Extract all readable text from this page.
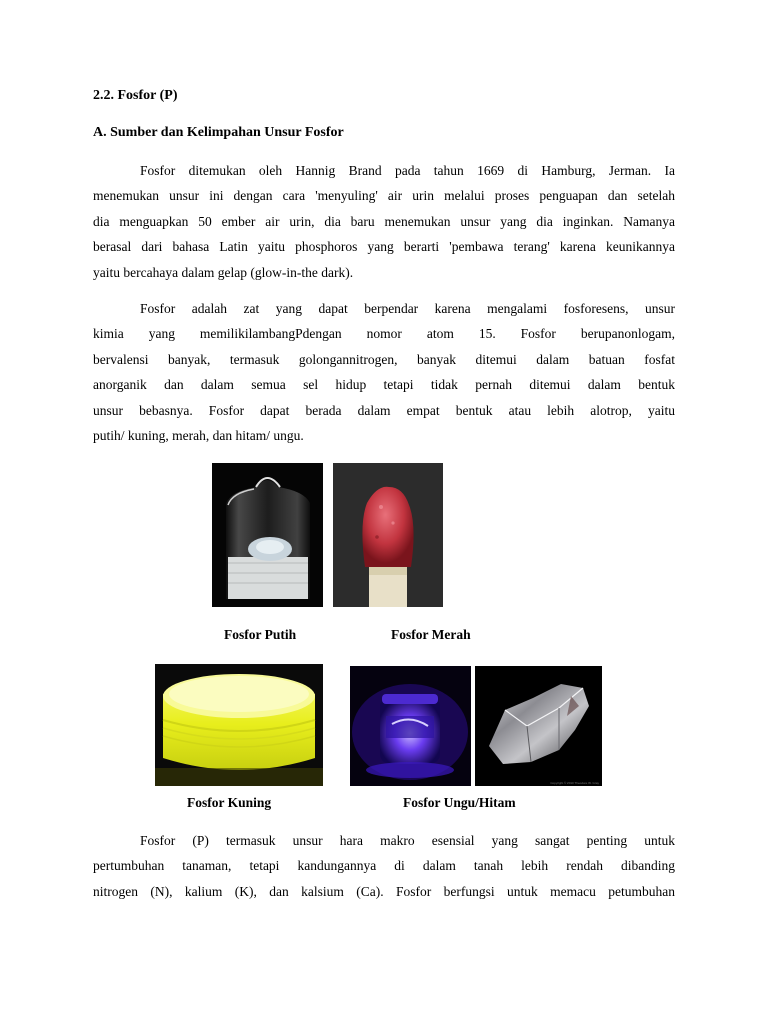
2.2. Fosfor (P)

A. Sumber dan Kelimpahan Unsur Fosfor

Fosfor ditemukan oleh Hannig Brand pada tahun 1669 di Hamburg, Jerman. Ia
menemukan unsur ini dengan cara 'menyuling' air urin melalui proses penguapan dan setelah
dia menguapkan 50 ember air urin, dia baru menemukan unsur yang dia inginkan. Namanya
berasal dari bahasa Latin yaitu phosphoros yang berarti 'pembawa terang' karena keunikannya
yaitu bercahaya dalam gelap (glow-in-the dark).
Fosfor adalah zat yang dapat berpendar karena mengalami fosforesens, unsur
kimia yang memilikilambangPdengan nomor atom 15. Fosfor berupanonlogam,
bervalensi banyak, termasuk golongannitrogen, banyak ditemui dalam batuan fosfat
anorganik dan dalam semua sel hidup tetapi tidak pernah ditemui dalam bentuk
unsur bebasnya. Fosfor dapat berada dalam empat bentuk atau lebih alotrop, yaitu
putih/ kuning, merah, dan hitam/ ungu.

Fosfor Putih	Fosfor Merah

Copyright © 2010 Theodore W. Gray

Fosfor Kuning	Fosfor Ungu/Hitam

Fosfor (P) termasuk unsur hara makro esensial yang sangat penting untuk
pertumbuhan tanaman, tetapi kandungannya di dalam tanah lebih rendah dibanding
nitrogen (N), kalium (K), dan kalsium (Ca). Fosfor berfungsi untuk memacu petumbuhan
